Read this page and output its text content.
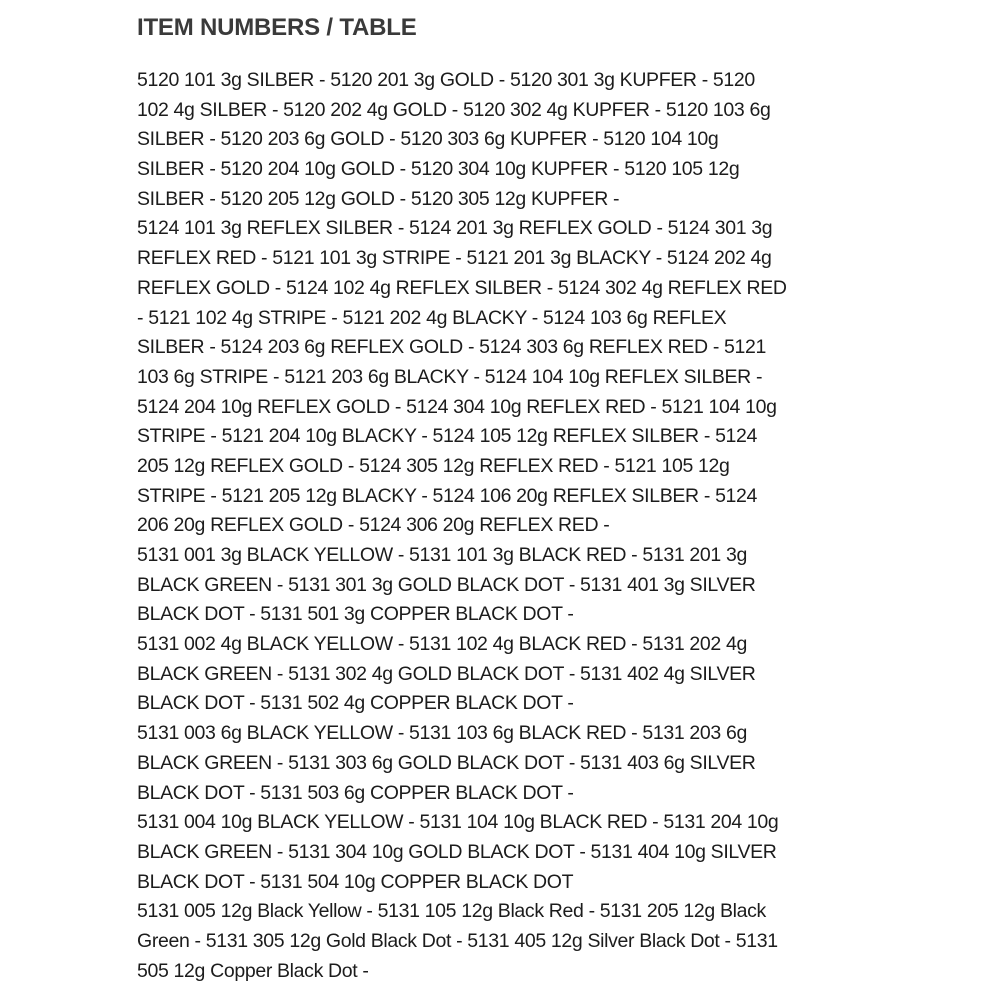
ITEM NUMBERS / TABLE
5120 101 3g SILBER - 5120 201 3g GOLD - 5120 301 3g KUPFER - 5120
102 4g SILBER - 5120 202 4g GOLD - 5120 302 4g KUPFER - 5120 103 6g
SILBER - 5120 203 6g GOLD - 5120 303 6g KUPFER - 5120 104 10g
SILBER - 5120 204 10g GOLD - 5120 304 10g KUPFER - 5120 105 12g
SILBER - 5120 205 12g GOLD - 5120 305 12g KUPFER -
5124 101 3g REFLEX SILBER - 5124 201 3g REFLEX GOLD - 5124 301 3g
REFLEX RED - 5121 101 3g STRIPE - 5121 201 3g BLACKY - 5124 202 4g
REFLEX GOLD - 5124 102 4g REFLEX SILBER - 5124 302 4g REFLEX RED
- 5121 102 4g STRIPE - 5121 202 4g BLACKY - 5124 103 6g REFLEX
SILBER - 5124 203 6g REFLEX GOLD - 5124 303 6g REFLEX RED - 5121
103 6g STRIPE - 5121 203 6g BLACKY - 5124 104 10g REFLEX SILBER -
5124 204 10g REFLEX GOLD - 5124 304 10g REFLEX RED - 5121 104 10g
STRIPE - 5121 204 10g BLACKY - 5124 105 12g REFLEX SILBER - 5124
205 12g REFLEX GOLD - 5124 305 12g REFLEX RED - 5121 105 12g
STRIPE - 5121 205 12g BLACKY - 5124 106 20g REFLEX SILBER - 5124
206 20g REFLEX GOLD - 5124 306 20g REFLEX RED -
5131 001 3g BLACK YELLOW - 5131 101 3g BLACK RED - 5131 201 3g
BLACK GREEN - 5131 301 3g GOLD BLACK DOT - 5131 401 3g SILVER
BLACK DOT - 5131 501 3g COPPER BLACK DOT -
5131 002 4g BLACK YELLOW - 5131 102 4g BLACK RED - 5131 202 4g
BLACK GREEN - 5131 302 4g GOLD BLACK DOT - 5131 402 4g SILVER
BLACK DOT - 5131 502 4g COPPER BLACK DOT -
5131 003 6g BLACK YELLOW - 5131 103 6g BLACK RED - 5131 203 6g
BLACK GREEN - 5131 303 6g GOLD BLACK DOT - 5131 403 6g SILVER
BLACK DOT - 5131 503 6g COPPER BLACK DOT -
5131 004 10g BLACK YELLOW - 5131 104 10g BLACK RED - 5131 204 10g
BLACK GREEN - 5131 304 10g GOLD BLACK DOT - 5131 404 10g SILVER
BLACK DOT - 5131 504 10g COPPER BLACK DOT
5131 005 12g Black Yellow - 5131 105 12g Black Red - 5131 205 12g Black
Green - 5131 305 12g Gold Black Dot - 5131 405 12g Silver Black Dot - 5131
505 12g Copper Black Dot -
